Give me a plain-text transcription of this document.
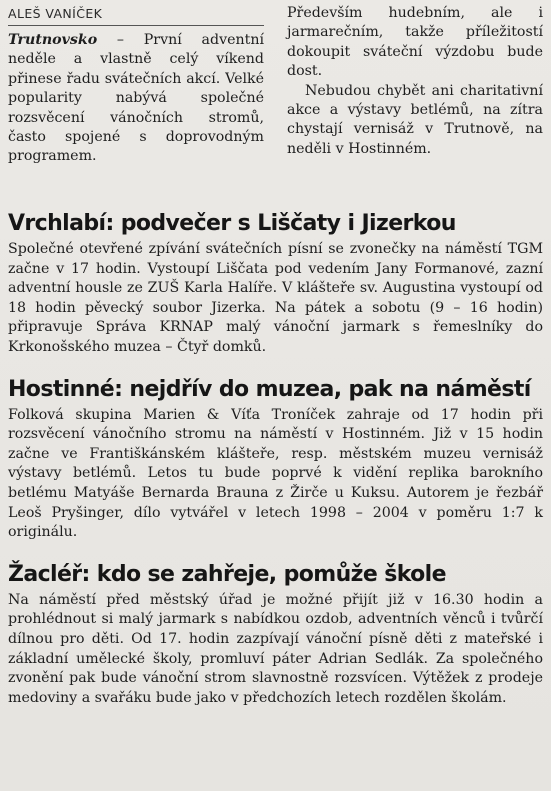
ALEŠ VANÍČEK

Trutnovsko – První adventní neděle a vlastně celý víkend přinese řadu svátečních akcí. Velké popularity nabývá společné rozsvěcení vánočních stromů, často spojené s doprovodným programem.

Především hudebním, ale i jarmarečním, takže příležitostí dokoupit sváteční výzdobu bude dost.

Nebudou chybět ani charitativní akce a výstavy betlémů, na zítra chystají vernisáž v Trutnově, na neděli v Hostinném.

Vrchlabí: podvečer s Liščaty i Jizerkou

Společné otevřené zpívání svátečních písní se zvonečky na náměstí TGM začne v 17 hodin. Vystoupí Liščata pod vedením Jany Formanové, zazní adventní housle ze ZUŠ Karla Halíře. V klášteře sv. Augustina vystoupí od 18 hodin pěvecký soubor Jizerka. Na pátek a sobotu (9 – 16 hodin) připravuje Správa KRNAP malý vánoční jarmark s řemeslníky do Krkonošského muzea – Čtyř domků.

Hostinné: nejdřív do muzea, pak na náměstí

Folková skupina Marien & Víťa Troníček zahraje od 17 hodin při rozsvěcení vánočního stromu na náměstí v Hostinném. Již v 15 hodin začne ve Františkánském klášteře, resp. městském muzeu vernisáž výstavy betlémů. Letos tu bude poprvé k vidění replika barokního betlému Matyáše Bernarda Brauna z Žirče u Kuksu. Autorem je řezbář Leoš Pryšinger, dílo vytvářel v letech 1998 – 2004 v poměru 1:7 k originálu.

Žacléř: kdo se zahřeje, pomůže škole

Na náměstí před městský úřad je možné přijít již v 16.30 hodin a prohlédnout si malý jarmark s nabídkou ozdob, adventních věnců i tvůrčí dílnou pro děti. Od 17. hodin zazpívají vánoční písně děti z mateřské i základní umělecké školy, promluví páter Adrian Sedlák. Za společného zvonění pak bude vánoční strom slavnostně rozsvícen. Výtěžek z prodeje medoviny a svařáku bude jako v předchozích letech rozdělen školám.
